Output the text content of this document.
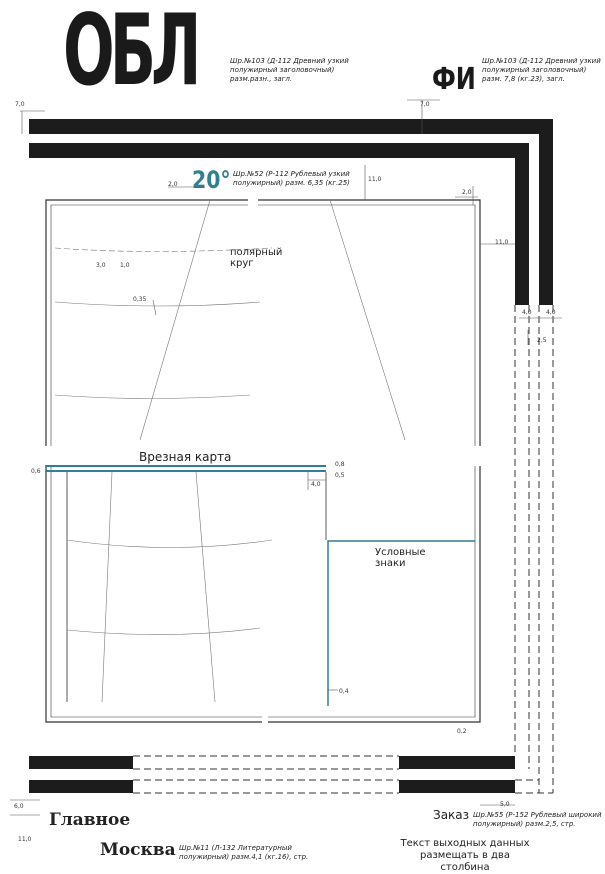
ОБЛ	Шр.№103 (Д-112 Древний узкий полужирный заголовочный) разм.разн., загл.	ФИ
Шр.№103 (Д-112 Древний узкий полужирный заголовочный) разм. 7,8 (кг.23), загл.
20° Шр.№52 (Р-112 Рублевый узкий полужирный) разм. 6,35 (кг.25)
7,0	7,0
11,0
2,0
2,0
11,0
4,0 4,0
2,5
3,0 1,0
0,35
0,6
0,8
0,5
4,0
0,4
0,2
6,0
11,0
5,0
полярный круг
Врезная карта
Условные знаки
Главное
Москва Шр.№11 (Л-132 Литературный полужирный) разм.4,1 (кг.16), стр.
Заказ Шр.№55 (Р-152 Рублевый широкий полужирный) разм.2,5, стр.
Текст выходных данных размещать в два столбина
